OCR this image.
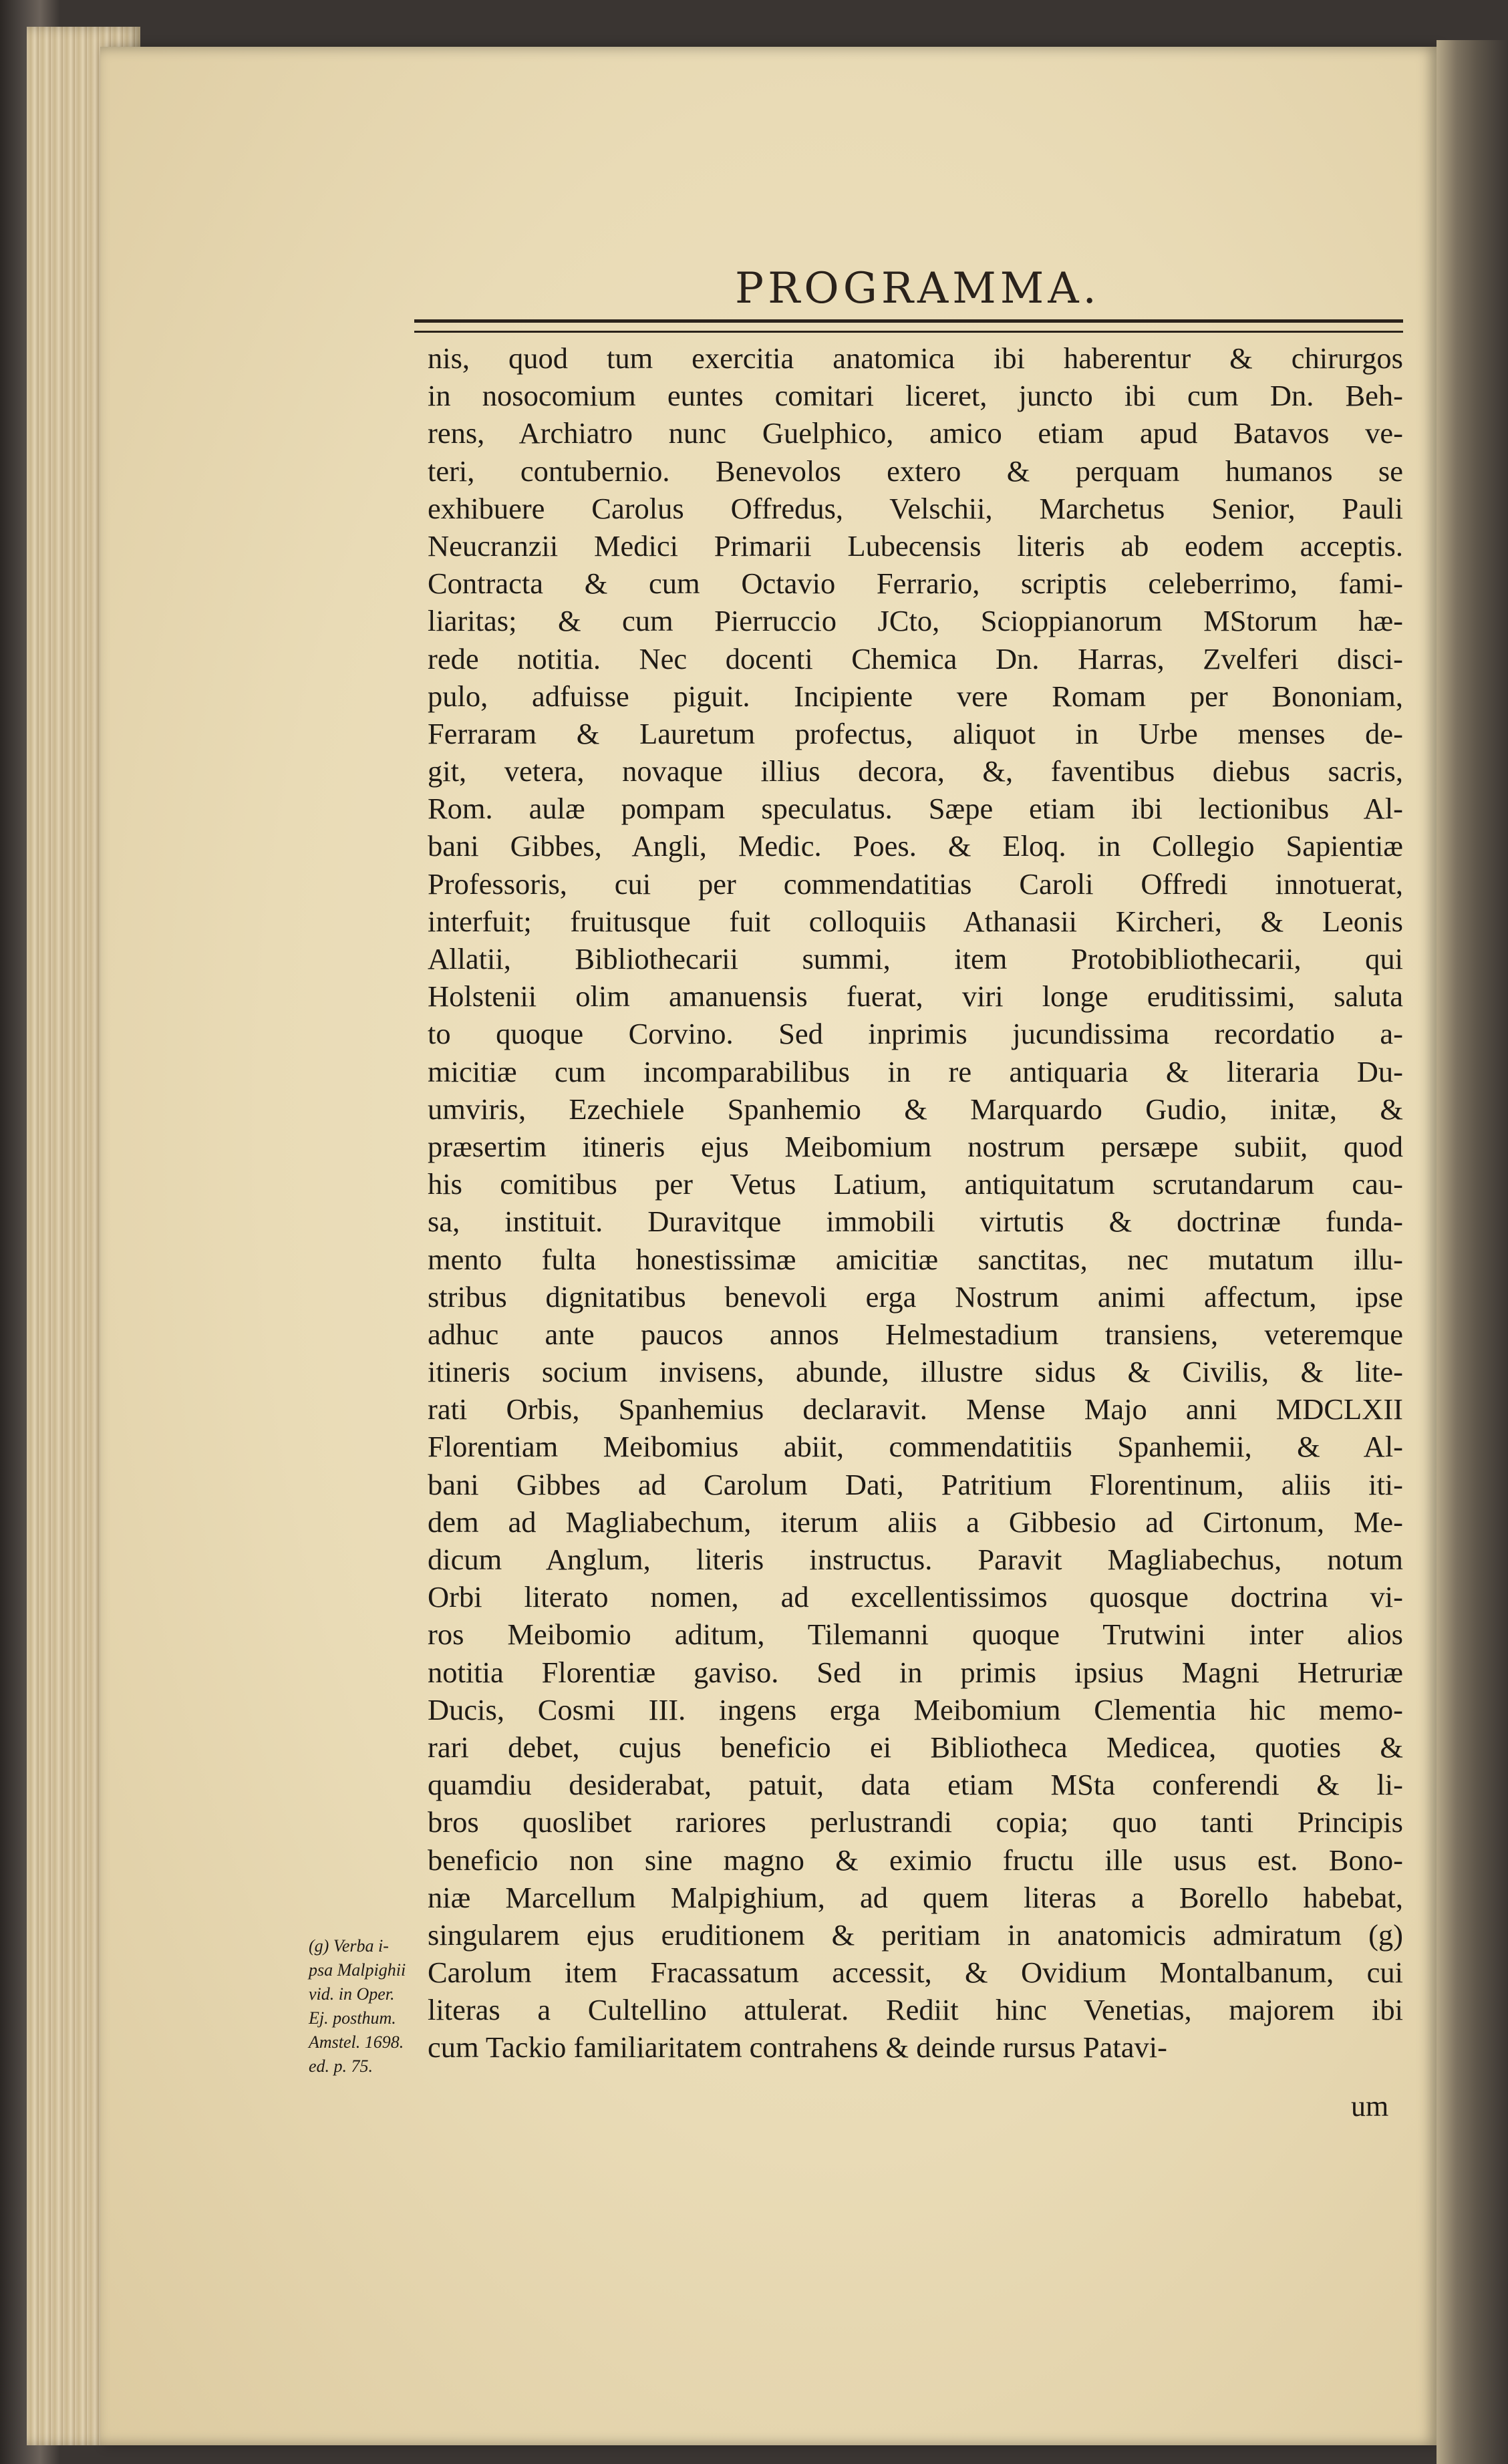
PROGRAMMA.
nis, quod tum exercitia anatomica ibi haberentur & chirurgos
in nosocomium euntes comitari liceret, juncto ibi cum Dn. Beh-
rens, Archiatro nunc Guelphico, amico etiam apud Batavos ve-
teri, contubernio. Benevolos extero & perquam humanos se
exhibuere Carolus Offredus, Velschii, Marchetus Senior, Pauli
Neucranzii Medici Primarii Lubecensis literis ab eodem acceptis.
Contracta & cum Octavio Ferrario, scriptis celeberrimo, fami-
liaritas; & cum Pierruccio JCto, Scioppianorum MStorum hæ-
rede notitia. Nec docenti Chemica Dn. Harras, Zvelferi disci-
pulo, adfuisse piguit. Incipiente vere Romam per Bononiam,
Ferraram & Lauretum profectus, aliquot in Urbe menses de-
git, vetera, novaque illius decora, &, faventibus diebus sacris,
Rom. aulæ pompam speculatus. Sæpe etiam ibi lectionibus Al-
bani Gibbes, Angli, Medic. Poes. & Eloq. in Collegio Sapientiæ
Professoris, cui per commendatitias Caroli Offredi innotuerat,
interfuit; fruitusque fuit colloquiis Athanasii Kircheri, & Leonis
Allatii, Bibliothecarii summi, item Protobibliothecarii, qui
Holstenii olim amanuensis fuerat, viri longe eruditissimi, saluta
to quoque Corvino. Sed inprimis jucundissima recordatio a-
micitiæ cum incomparabilibus in re antiquaria & literaria Du-
umviris, Ezechiele Spanhemio & Marquardo Gudio, initæ, &
præsertim itineris ejus Meibomium nostrum persæpe subiit, quod
his comitibus per Vetus Latium, antiquitatum scrutandarum cau-
sa, instituit. Duravitque immobili virtutis & doctrinæ funda-
mento fulta honestissimæ amicitiæ sanctitas, nec mutatum illu-
stribus dignitatibus benevoli erga Nostrum animi affectum, ipse
adhuc ante paucos annos Helmestadium transiens, veteremque
itineris socium invisens, abunde, illustre sidus & Civilis, & lite-
rati Orbis, Spanhemius declaravit. Mense Majo anni MDCLXII
Florentiam Meibomius abiit, commendatitiis Spanhemii, & Al-
bani Gibbes ad Carolum Dati, Patritium Florentinum, aliis iti-
dem ad Magliabechum, iterum aliis a Gibbesio ad Cirtonum, Me-
dicum Anglum, literis instructus. Paravit Magliabechus, notum
Orbi literato nomen, ad excellentissimos quosque doctrina vi-
ros Meibomio aditum, Tilemanni quoque Trutwini inter alios
notitia Florentiæ gaviso. Sed in primis ipsius Magni Hetruriæ
Ducis, Cosmi III. ingens erga Meibomium Clementia hic memo-
rari debet, cujus beneficio ei Bibliotheca Medicea, quoties &
quamdiu desiderabat, patuit, data etiam MSta conferendi & li-
bros quoslibet rariores perlustrandi copia; quo tanti Principis
beneficio non sine magno & eximio fructu ille usus est. Bono-
niæ Marcellum Malpighium, ad quem literas a Borello habebat,
singularem ejus eruditionem & peritiam in anatomicis admiratum (g)
Carolum item Fracassatum accessit, & Ovidium Montalbanum, cui
literas a Cultellino attulerat. Rediit hinc Venetias, majorem ibi
cum Tackio familiaritatem contrahens & deinde rursus Patavi-
(g) Verba i-
psa Malpighii
vid. in Oper.
Ej. posthum.
Amstel. 1698.
ed. p. 75.
um
